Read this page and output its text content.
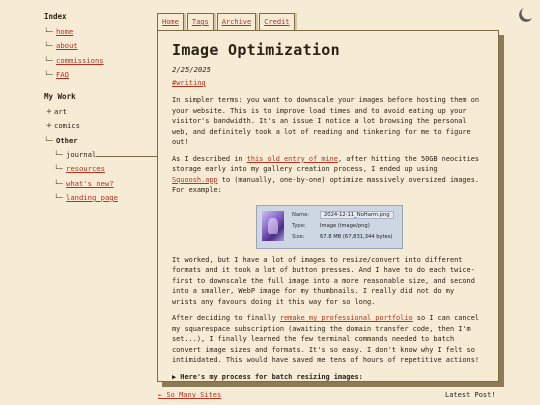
Index
└─ home
└─ about
└─ commissions
└─ FAQ
My Work
+ art
+ comics
└─ Other
└─ journal
└─ resources
└─ what's new?
└─ landing page
Home	Tags	Archive	Credit
Image Optimization
2/25/2025
#writing

In simpler terms: you want to downscale your images before hosting them on your website. This is to improve load times and to avoid eating up your visitor's bandwidth. It's an issue I notice a lot browsing the personal web, and definitely took a lot of reading and tinkering for me to figure out!

As I described in this old entry of mine, after hitting the 50GB neocities storage early into my gallery creation process, I ended up using Squoosh.app to (manually, one-by-one) optimize massively oversized images. For example:

Name:	2024-12-11_NoHarm.png
Type:	Image (image/png)
Size:	67.8 MB (67,831,344 bytes)

It worked, but I have a lot of images to resize/convert into different formats and it took a lot of button presses. And I have to do each twice-first to downscale the full image into a more reasonable size, and second into a smaller, WebP image for my thumbnails. I really did not do my wrists any favours doing it this way for so long.

After deciding to finally remake my professional portfolio so I can cancel my squarespace subscription (awaiting the domain transfer code, then I'm set...), I finally learned the few terminal commands needed to batch convert image sizes and formats. It's so easy. I don't know why I felt so intimidated. This would have saved me tens of hours of repetitive actions!

▶ Here's my process for batch resizing images:
← So Many Sites	Latest Post!
